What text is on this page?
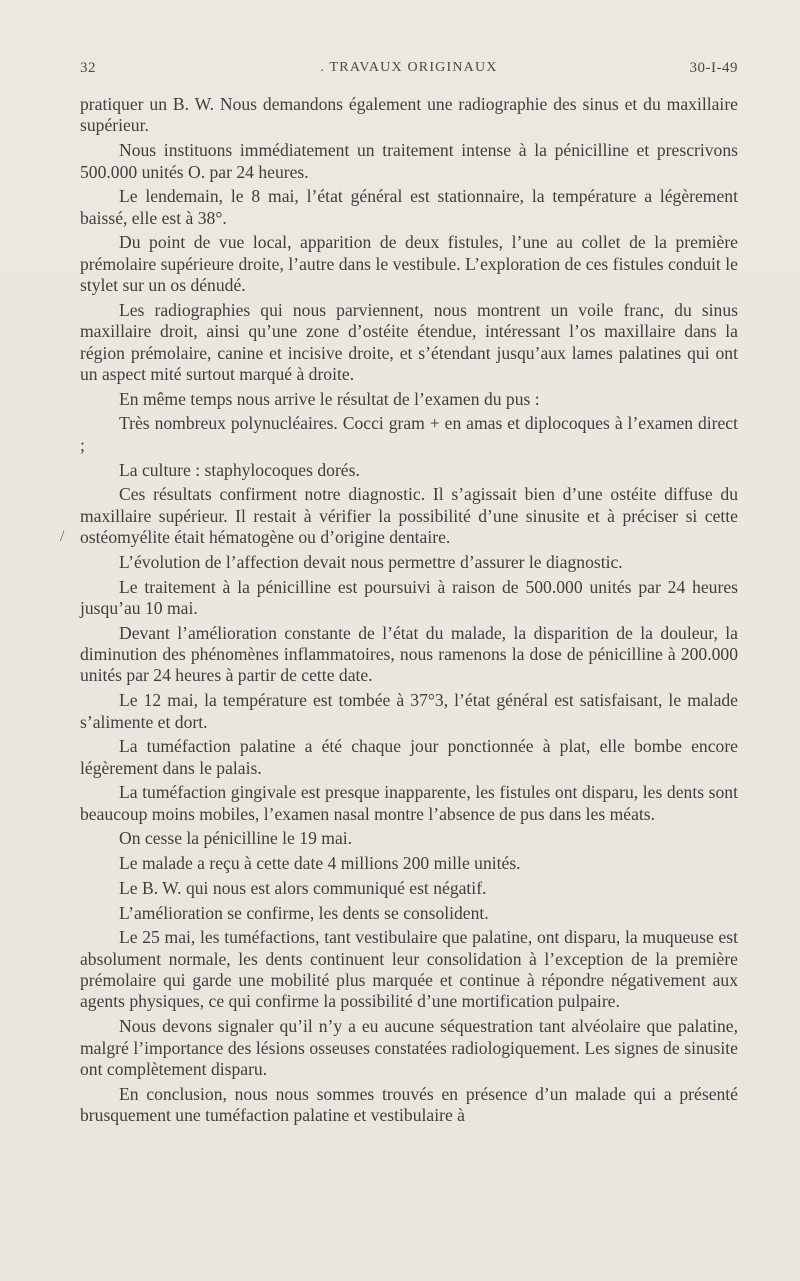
32	. TRAVAUX ORIGINAUX	30-I-49

pratiquer un B. W. Nous demandons également une radiographie des sinus et du maxillaire supérieur.

Nous instituons immédiatement un traitement intense à la pénicilline et prescrivons 500.000 unités O. par 24 heures.

Le lendemain, le 8 mai, l’état général est stationnaire, la température a légèrement baissé, elle est à 38°.

Du point de vue local, apparition de deux fistules, l’une au collet de la première prémolaire supérieure droite, l’autre dans le vestibule. L’exploration de ces fistules conduit le stylet sur un os dénudé.

Les radiographies qui nous parviennent, nous montrent un voile franc, du sinus maxillaire droit, ainsi qu’une zone d’ostéite étendue, intéressant l’os maxillaire dans la région prémolaire, canine et incisive droite, et s’étendant jusqu’aux lames palatines qui ont un aspect mité surtout marqué à droite.

En même temps nous arrive le résultat de l’examen du pus :

Très nombreux polynucléaires. Cocci gram + en amas et diplocoques à l’examen direct ;

La culture : staphylocoques dorés.

Ces résultats confirment notre diagnostic. Il s’agissait bien d’une ostéite diffuse du maxillaire supérieur. Il restait à vérifier la possibilité d’une sinusite et à préciser si cette ostéomyélite était hématogène ou d’origine dentaire.

L’évolution de l’affection devait nous permettre d’assurer le diagnostic.

Le traitement à la pénicilline est poursuivi à raison de 500.000 unités par 24 heures jusqu’au 10 mai.

Devant l’amélioration constante de l’état du malade, la disparition de la douleur, la diminution des phénomènes inflammatoires, nous ramenons la dose de pénicilline à 200.000 unités par 24 heures à partir de cette date.

Le 12 mai, la température est tombée à 37°3, l’état général est satisfaisant, le malade s’alimente et dort.

La tuméfaction palatine a été chaque jour ponctionnée à plat, elle bombe encore légèrement dans le palais.

La tuméfaction gingivale est presque inapparente, les fistules ont disparu, les dents sont beaucoup moins mobiles, l’examen nasal montre l’absence de pus dans les méats.

On cesse la pénicilline le 19 mai.

Le malade a reçu à cette date 4 millions 200 mille unités.

Le B. W. qui nous est alors communiqué est négatif.

L’amélioration se confirme, les dents se consolident.

Le 25 mai, les tuméfactions, tant vestibulaire que palatine, ont disparu, la muqueuse est absolument normale, les dents continuent leur consolidation à l’exception de la première prémolaire qui garde une mobilité plus marquée et continue à répondre négativement aux agents physiques, ce qui confirme la possibilité d’une mortification pulpaire.

Nous devons signaler qu’il n’y a eu aucune séquestration tant alvéolaire que palatine, malgré l’importance des lésions osseuses constatées radiologiquement. Les signes de sinusite ont complètement disparu.

En conclusion, nous nous sommes trouvés en présence d’un malade qui a présenté brusquement une tuméfaction palatine et vestibulaire à

/
